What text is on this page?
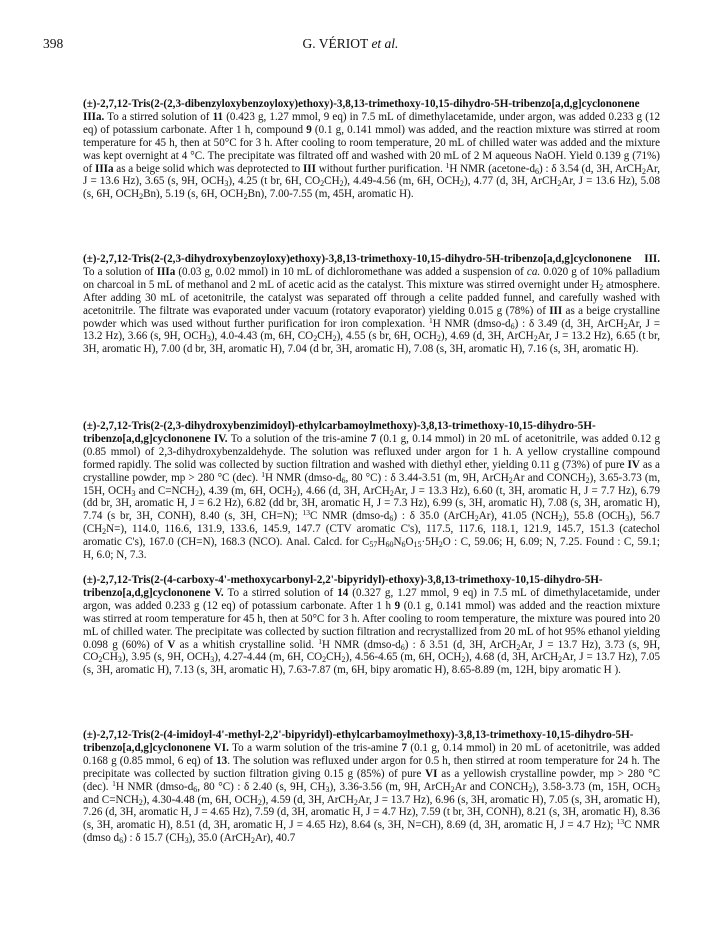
398	G. VÉRIOT et al.

(±)-2,7,12-Tris(2-(2,3-dibenzyloxybenzoyloxy)ethoxy)-3,8,13-trimethoxy-10,15-dihydro-5H-tribenzo[a,d,g]cyclononene IIIa. To a stirred solution of 11 (0.423 g, 1.27 mmol, 9 eq) in 7.5 mL of dimethylacetamide, under argon, was added 0.233 g (12 eq) of potassium carbonate. After 1 h, compound 9 (0.1 g, 0.141 mmol) was added, and the reaction mixture was stirred at room temperature for 45 h, then at 50°C for 3 h. After cooling to room temperature, 20 mL of chilled water was added and the mixture was kept overnight at 4 °C. The precipitate was filtrated off and washed with 20 mL of 2 M aqueous NaOH. Yield 0.139 g (71%) of IIIa as a beige solid which was deprotected to III without further purification. $^1$H NMR $(acetone-d_6)$ : δ 3.54 (d, 3H, ArCH$_2$Ar, J = 13.6 Hz), 3.65 (s, 9H, $OCH_3$), 4.25 (t br, 6H, $CO_2CH_2$), 4.49-4.56 (m, 6H, $OCH_2$), 4.77 (d, 3H, ArCH$_2$Ar, J = 13.6 Hz), 5.08 (s, 6H, $OCH_2Bn$), 5.19 (s, 6H, $OCH_2Bn$), 7.00-7.55 (m, 45H, aromatic H).

(±)-2,7,12-Tris(2-(2,3-dihydroxybenzoyloxy)ethoxy)-3,8,13-trimethoxy-10,15-dihydro-5H-tribenzo[a,d,g]cyclononene III. To a solution of IIIa (0.03 g, 0.02 mmol) in 10 mL of dichloromethane was added a suspension of ca. 0.020 g of 10% palladium on charcoal in 5 mL of methanol and 2 mL of acetic acid as the catalyst. This mixture was stirred overnight under $H_2$ atmosphere. After adding 30 mL of acetonitrile, the catalyst was separated off through a celite padded funnel, and carefully washed with acetonitrile. The filtrate was evaporated under vacuum (rotatory evaporator) yielding 0.015 g (78%) of III as a beige crystalline powder which was used without further purification for iron complexation. $^1$H NMR $(dmso-d_6)$ : δ 3.49 (d, 3H, ArCH$_2$Ar, J = 13.2 Hz), 3.66 (s, 9H, $OCH_3$), 4.0-4.43 (m, 6H, $CO_2CH_2$), 4.55 (s br, 6H, $OCH_2$), 4.69 (d, 3H, ArCH$_2$Ar, J = 13.2 Hz), 6.65 (t br, 3H, aromatic H), 7.00 (d br, 3H, aromatic H), 7.04 (d br, 3H, aromatic H), 7.08 (s, 3H, aromatic H), 7.16 (s, 3H, aromatic H).

(±)-2,7,12-Tris(2-(2,3-dihydroxybenzimidoyl)-ethylcarbamoylmethoxy)-3,8,13-trimethoxy-10,15-dihydro-5H-tribenzo[a,d,g]cyclononene IV. To a solution of the tris-amine 7 (0.1 g, 0.14 mmol) in 20 mL of acetonitrile, was added 0.12 g (0.85 mmol) of 2,3-dihydroxybenzaldehyde. The solution was refluxed under argon for 1 h. A yellow crystalline compound formed rapidly. The solid was collected by suction filtration and washed with diethyl ether, yielding 0.11 g (73%) of pure IV as a crystalline powder, mp > 280 °C (dec). $^1$H NMR ($dmso-d_6$, 80 °C) : δ 3.44-3.51 (m, 9H, ArCH$_2$Ar and $CONCH_2$), 3.65-3.73 (m, 15H, $OCH_3$ and $C=NCH_2$), 4.39 (m, 6H, $OCH_2$), 4.66 (d, 3H, ArCH$_2$Ar, J = 13.3 Hz), 6.60 (t, 3H, aromatic H, J = 7.7 Hz), 6.79 (dd br, 3H, aromatic H, J = 6.2 Hz), 6.82 (dd br, 3H, aromatic H, J = 7.3 Hz), 6.99 (s, 3H, aromatic H), 7.08 (s, 3H, aromatic H), 7.74 (s br, 3H, CONH), 8.40 (s, 3H, CH=N); $^{13}$C NMR $(dmso-d_6)$ : δ 35.0 (ArCH$_2$Ar), 41.05 $(NCH_2)$, 55.8 $(OCH_3)$, 56.7 $(CH_2N=)$, 114.0, 116.6, 131.9, 133.6, 145.9, 147.7 (CTV aromatic C's), 117.5, 117.6, 118.1, 121.9, 145.7, 151.3 (catechol aromatic C's), 167.0 (CH=N), 168.3 (NCO). Anal. Calcd. for $C_{57}H_{60}N_6O_{15}\cdot 5H_2O$ : C, 59.06; H, 6.09; N, 7.25. Found : C, 59.1; H, 6.0; N, 7.3.

(±)-2,7,12-Tris(2-(4-carboxy-4'-methoxycarbonyl-2,2'-bipyridyl)-ethoxy)-3,8,13-trimethoxy-10,15-dihydro-5H-tribenzo[a,d,g]cyclononene V. To a stirred solution of 14 (0.327 g, 1.27 mmol, 9 eq) in 7.5 mL of dimethylacetamide, under argon, was added 0.233 g (12 eq) of potassium carbonate. After 1 h 9 (0.1 g, 0.141 mmol) was added and the reaction mixture was stirred at room temperature for 45 h, then at 50°C for 3 h. After cooling to room temperature, the mixture was poured into 20 mL of chilled water. The precipitate was collected by suction filtration and recrystallized from 20 mL of hot 95% ethanol yielding 0.098 g (60%) of V as a whitish crystalline solid. $^1$H NMR $(dmso-d_6)$ : δ 3.51 (d, 3H, ArCH$_2$Ar, J = 13.7 Hz), 3.73 (s, 9H, $CO_2CH_3$), 3.95 (s, 9H, $OCH_3$), 4.27-4.44 (m, 6H, $CO_2CH_2$), 4.56-4.65 (m, 6H, $OCH_2$), 4.68 (d, 3H, ArCH$_2$Ar, J = 13.7 Hz), 7.05 (s, 3H, aromatic H), 7.13 (s, 3H, aromatic H), 7.63-7.87 (m, 6H, bipy aromatic H), 8.65-8.89 (m, 12H, bipy aromatic H ).

(±)-2,7,12-Tris(2-(4-imidoyl-4'-methyl-2,2'-bipyridyl)-ethylcarbamoylmethoxy)-3,8,13-trimethoxy-10,15-dihydro-5H-tribenzo[a,d,g]cyclononene VI. To a warm solution of the tris-amine 7 (0.1 g, 0.14 mmol) in 20 mL of acetonitrile, was added 0.168 g (0.85 mmol, 6 eq) of 13. The solution was refluxed under argon for 0.5 h, then stirred at room temperature for 24 h. The precipitate was collected by suction filtration giving 0.15 g (85%) of pure VI as a yellowish crystalline powder, mp > 280 °C (dec). $^1$H NMR ($dmso-d_6$, 80 °C) : δ 2.40 (s, 9H, $CH_3$), 3.36-3.56 (m, 9H, ArCH$_2$Ar and $CONCH_2$), 3.58-3.73 (m, 15H, $OCH_3$ and $C=NCH_2$), 4.30-4.48 (m, 6H, $OCH_2$), 4.59 (d, 3H, ArCH$_2$Ar, J = 13.7 Hz), 6.96 (s, 3H, aromatic H), 7.05 (s, 3H, aromatic H), 7.26 (d, 3H, aromatic H, J = 4.65 Hz), 7.59 (d, 3H, aromatic H, J = 4.7 Hz), 7.59 (t br, 3H, CONH), 8.21 (s, 3H, aromatic H), 8.36 (s, 3H, aromatic H), 8.51 (d, 3H, aromatic H, J = 4.65 Hz), 8.64 (s, 3H, N=CH), 8.69 (d, 3H, aromatic H, J = 4.7 Hz); $^{13}$C NMR (dmso $d_6$) : δ 15.7 $(CH_3)$, 35.0 (ArCH$_2$Ar), 40.7
